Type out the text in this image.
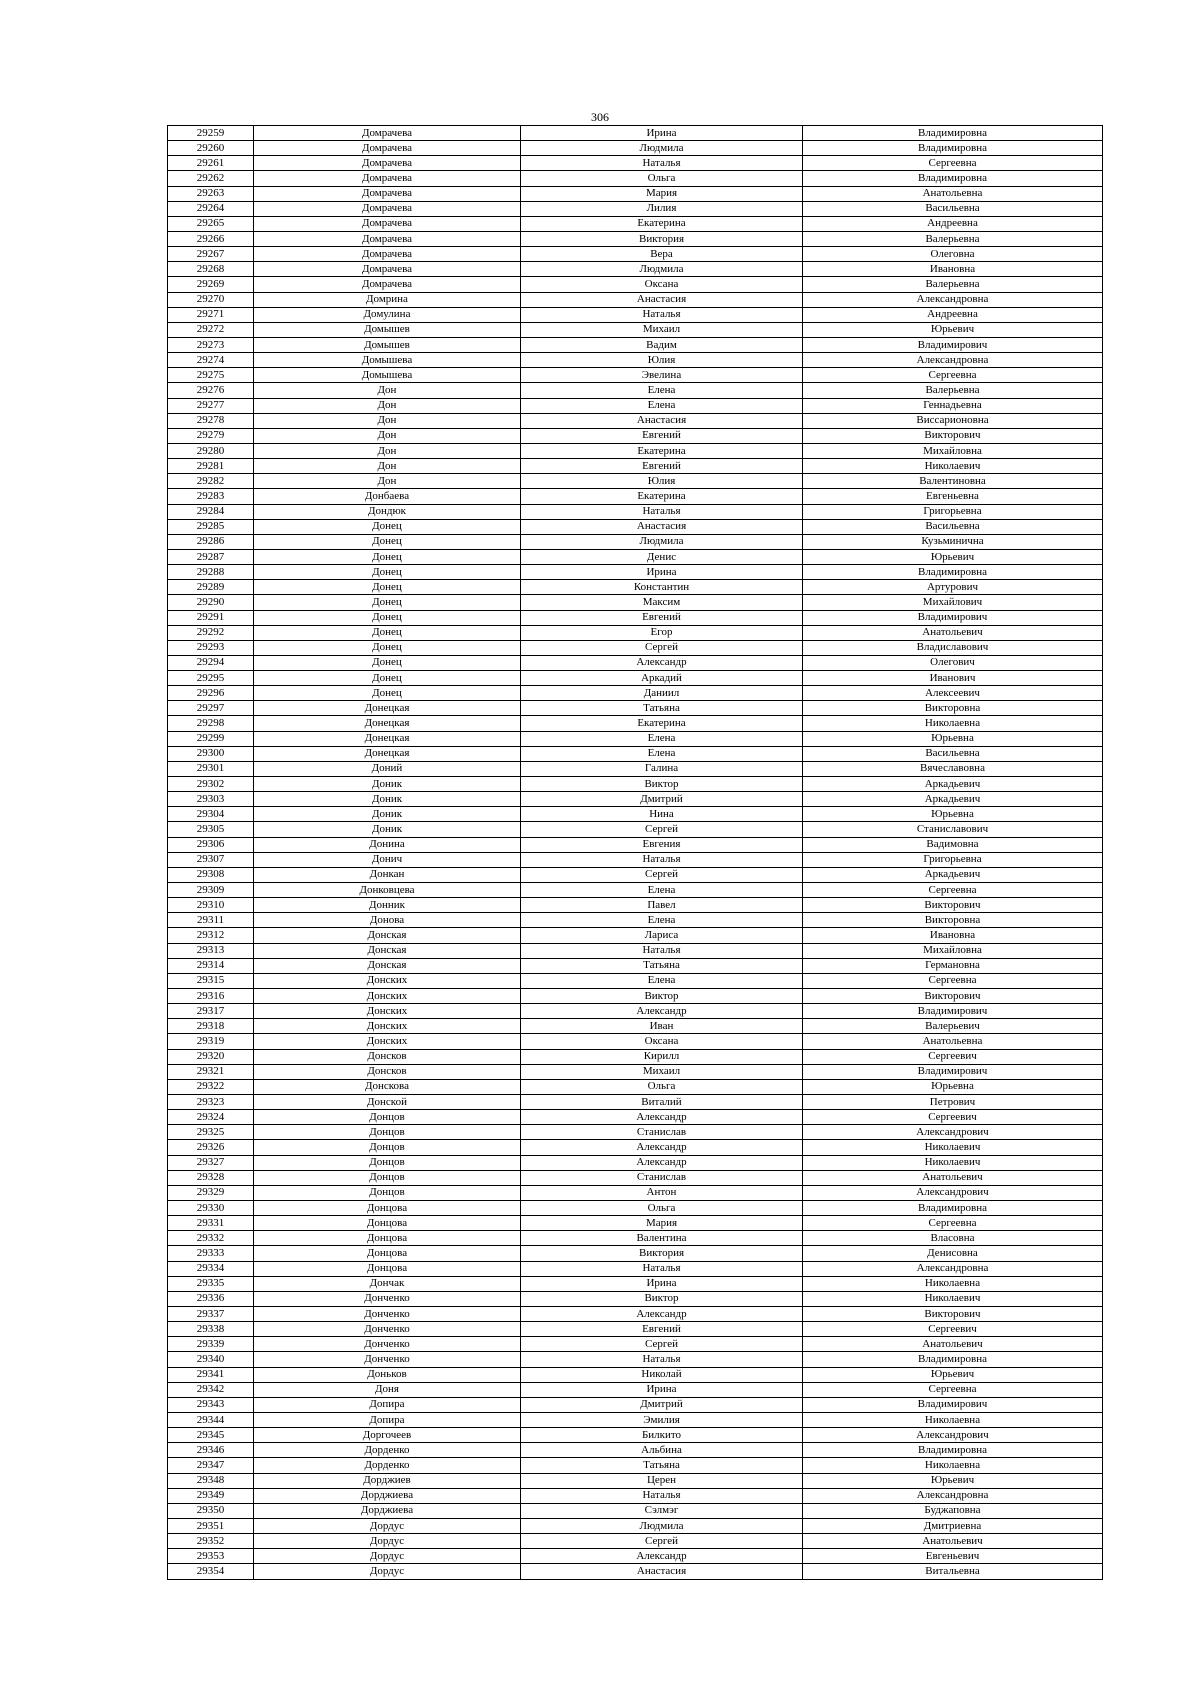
306
29259	Домрачева	Ирина	Владимировна
29260	Домрачева	Людмила	Владимировна
29261	Домрачева	Наталья	Сергеевна
29262	Домрачева	Ольга	Владимировна
29263	Домрачева	Мария	Анатольевна
29264	Домрачева	Лилия	Васильевна
29265	Домрачева	Екатерина	Андреевна
29266	Домрачева	Виктория	Валерьевна
29267	Домрачева	Вера	Олеговна
29268	Домрачева	Людмила	Ивановна
29269	Домрачева	Оксана	Валерьевна
29270	Домрина	Анастасия	Александровна
29271	Домулина	Наталья	Андреевна
29272	Домышев	Михаил	Юрьевич
29273	Домышев	Вадим	Владимирович
29274	Домышева	Юлия	Александровна
29275	Домышева	Эвелина	Сергеевна
29276	Дон	Елена	Валерьевна
29277	Дон	Елена	Геннадьевна
29278	Дон	Анастасия	Виссарионовна
29279	Дон	Евгений	Викторович
29280	Дон	Екатерина	Михайловна
29281	Дон	Евгений	Николаевич
29282	Дон	Юлия	Валентиновна
29283	Донбаева	Екатерина	Евгеньевна
29284	Дондюк	Наталья	Григорьевна
29285	Донец	Анастасия	Васильевна
29286	Донец	Людмила	Кузьминична
29287	Донец	Денис	Юрьевич
29288	Донец	Ирина	Владимировна
29289	Донец	Константин	Артурович
29290	Донец	Максим	Михайлович
29291	Донец	Евгений	Владимирович
29292	Донец	Егор	Анатольевич
29293	Донец	Сергей	Владиславович
29294	Донец	Александр	Олегович
29295	Донец	Аркадий	Иванович
29296	Донец	Даниил	Алексеевич
29297	Донецкая	Татьяна	Викторовна
29298	Донецкая	Екатерина	Николаевна
29299	Донецкая	Елена	Юрьевна
29300	Донецкая	Елена	Васильевна
29301	Доний	Галина	Вячеславовна
29302	Доник	Виктор	Аркадьевич
29303	Доник	Дмитрий	Аркадьевич
29304	Доник	Нина	Юрьевна
29305	Доник	Сергей	Станиславович
29306	Донина	Евгения	Вадимовна
29307	Донич	Наталья	Григорьевна
29308	Донкан	Сергей	Аркадьевич
29309	Донковцева	Елена	Сергеевна
29310	Донник	Павел	Викторович
29311	Донова	Елена	Викторовна
29312	Донская	Лариса	Ивановна
29313	Донская	Наталья	Михайловна
29314	Донская	Татьяна	Германовна
29315	Донских	Елена	Сергеевна
29316	Донских	Виктор	Викторович
29317	Донских	Александр	Владимирович
29318	Донских	Иван	Валерьевич
29319	Донских	Оксана	Анатольевна
29320	Донсков	Кирилл	Сергеевич
29321	Донсков	Михаил	Владимирович
29322	Донскова	Ольга	Юрьевна
29323	Донской	Виталий	Петрович
29324	Донцов	Александр	Сергеевич
29325	Донцов	Станислав	Александрович
29326	Донцов	Александр	Николаевич
29327	Донцов	Александр	Николаевич
29328	Донцов	Станислав	Анатольевич
29329	Донцов	Антон	Александрович
29330	Донцова	Ольга	Владимировна
29331	Донцова	Мария	Сергеевна
29332	Донцова	Валентина	Власовна
29333	Донцова	Виктория	Денисовна
29334	Донцова	Наталья	Александровна
29335	Дончак	Ирина	Николаевна
29336	Донченко	Виктор	Николаевич
29337	Донченко	Александр	Викторович
29338	Донченко	Евгений	Сергеевич
29339	Донченко	Сергей	Анатольевич
29340	Донченко	Наталья	Владимировна
29341	Доньков	Николай	Юрьевич
29342	Доня	Ирина	Сергеевна
29343	Допира	Дмитрий	Владимирович
29344	Допира	Эмилия	Николаевна
29345	Доргочеев	Билкито	Александрович
29346	Дорденко	Альбина	Владимировна
29347	Дорденко	Татьяна	Николаевна
29348	Дорджиев	Церен	Юрьевич
29349	Дорджиева	Наталья	Александровна
29350	Дорджиева	Сэлмэг	Буджаповна
29351	Дордус	Людмила	Дмитриевна
29352	Дордус	Сергей	Анатольевич
29353	Дордус	Александр	Евгеньевич
29354	Дордус	Анастасия	Витальевна
